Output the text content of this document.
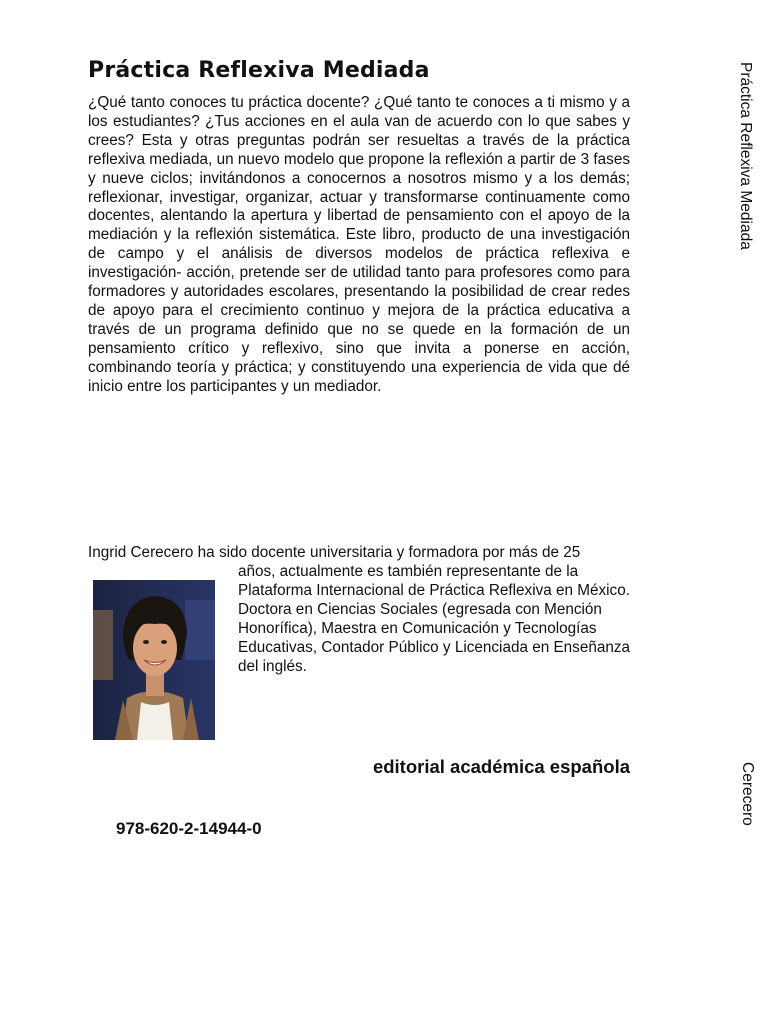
Práctica Reflexiva Mediada

¿Qué tanto conoces tu práctica docente? ¿Qué tanto te conoces a ti mismo y a los estudiantes? ¿Tus acciones en el aula van de acuerdo con lo que sabes y crees? Esta y otras preguntas podrán ser resueltas a través de la práctica reflexiva mediada, un nuevo modelo que propone la reflexión a partir de 3 fases y nueve ciclos; invitándonos a conocernos a nosotros mismo y a los demás; reflexionar, investigar, organizar, actuar y transformarse continuamente como docentes, alentando la apertura y libertad de pensamiento con el apoyo de la mediación y la reflexión sistemática. Este libro, producto de una investigación de campo y el análisis de diversos modelos de práctica reflexiva e investigación- acción, pretende ser de utilidad tanto para profesores como para formadores y autoridades escolares, presentando la posibilidad de crear redes de apoyo para el crecimiento continuo y mejora de la práctica educativa a través de un programa definido que no se quede en la formación de un pensamiento crítico y reflexivo, sino que invita a ponerse en acción, combinando teoría y práctica; y constituyendo una experiencia de vida que dé inicio entre los participantes y un mediador.

Ingrid Cerecero ha sido docente universitaria y formadora por más de 25

años, actualmente es también representante de la Plataforma Internacional de Práctica Reflexiva en México. Doctora en Ciencias Sociales (egresada con Mención Honorífica), Maestra en Comunicación y Tecnologías Educativas, Contador Público y Licenciada en Enseñanza del inglés.

editorial académica española
978-620-2-14944-0
Práctica Reflexiva Mediada
Cerecero
